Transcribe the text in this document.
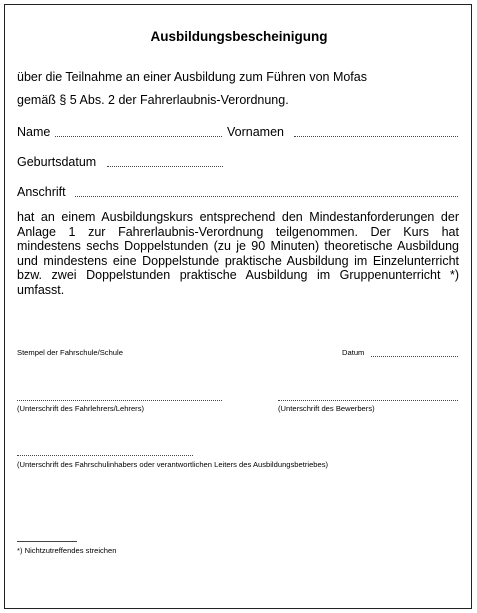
Ausbildungsbescheinigung
über die Teilnahme an einer Ausbildung zum Führen von Mofas
gemäß § 5 Abs. 2 der Fahrerlaubnis-Verordnung.
Name	Vornamen
Geburtsdatum
Anschrift
hat an einem Ausbildungskurs entsprechend den Mindestanforderungen der Anlage 1 zur Fahrerlaubnis-Verordnung teilgenommen. Der Kurs hat mindestens sechs Doppelstunden (zu je 90 Minuten) theoretische Ausbildung und mindestens eine Doppelstunde praktische Ausbildung im Einzelunterricht bzw. zwei Doppelstunden praktische Ausbildung im Gruppenunterricht *) umfasst.
Stempel der Fahrschule/Schule	Datum
(Unterschrift des Fahrlehrers/Lehrers)	(Unterschrift des Bewerbers)
(Unterschrift des Fahrschulinhabers oder verantwortlichen Leiters des Ausbildungsbetriebes)
*) Nichtzutreffendes streichen
